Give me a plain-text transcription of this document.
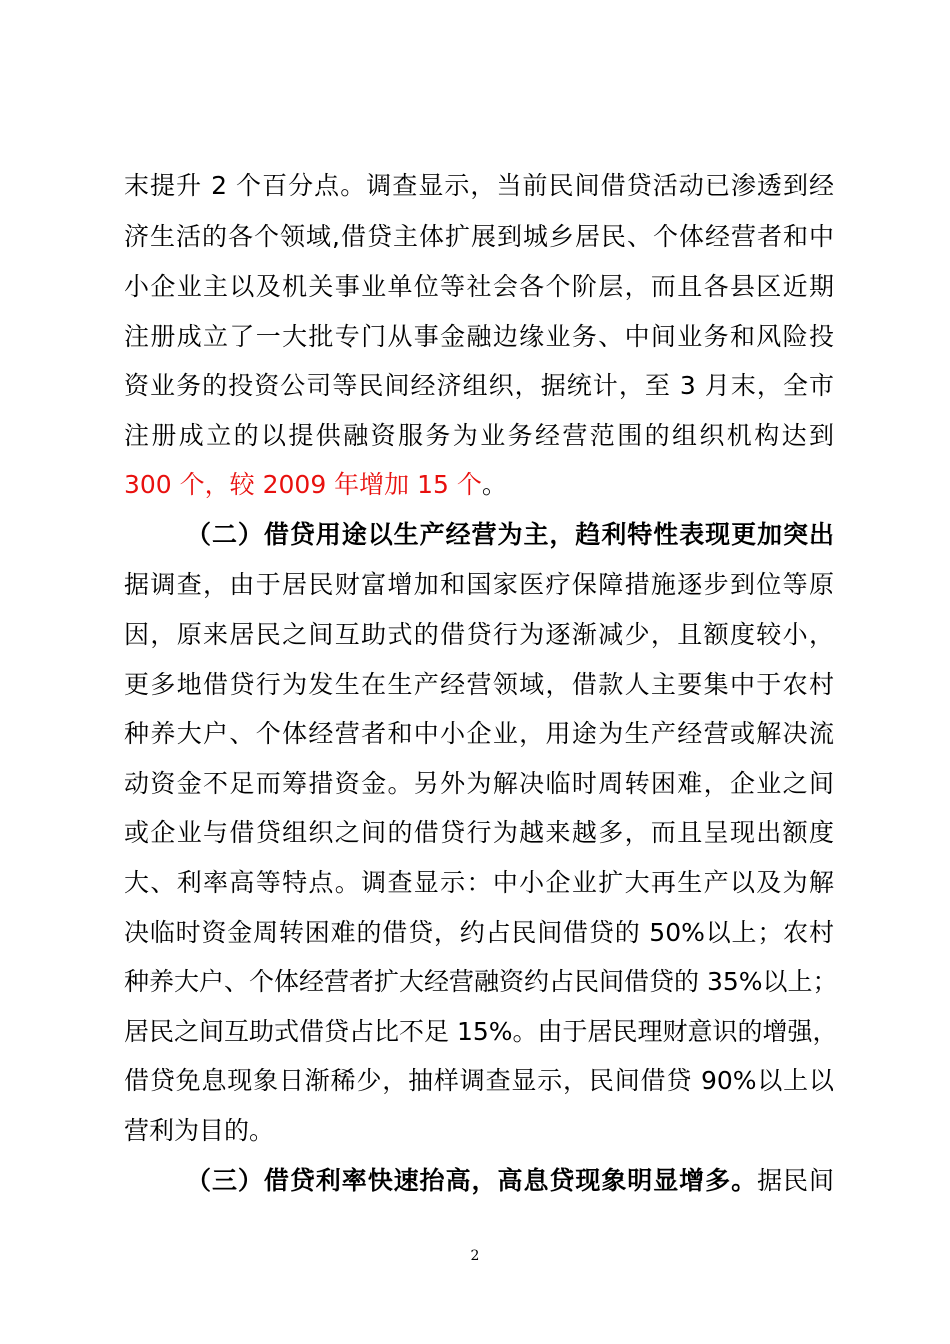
末提升 2 个百分点。调查显示，当前民间借贷活动已渗透到经
济生活的各个领域,借贷主体扩展到城乡居民、个体经营者和中
小企业主以及机关事业单位等社会各个阶层，而且各县区近期
注册成立了一大批专门从事金融边缘业务、中间业务和风险投
资业务的投资公司等民间经济组织，据统计，至 3 月末，全市
注册成立的以提供融资服务为业务经营范围的组织机构达到
300 个，较 2009 年增加 15 个。
（二）借贷用途以生产经营为主，趋利特性表现更加突出
据调查，由于居民财富增加和国家医疗保障措施逐步到位等原
因，原来居民之间互助式的借贷行为逐渐减少，且额度较小，
更多地借贷行为发生在生产经营领域，借款人主要集中于农村
种养大户、个体经营者和中小企业，用途为生产经营或解决流
动资金不足而筹措资金。另外为解决临时周转困难，企业之间
或企业与借贷组织之间的借贷行为越来越多，而且呈现出额度
大、利率高等特点。调查显示：中小企业扩大再生产以及为解
决临时资金周转困难的借贷，约占民间借贷的 50%以上；农村
种养大户、个体经营者扩大经营融资约占民间借贷的 35%以上；
居民之间互助式借贷占比不足 15%。由于居民理财意识的增强，
借贷免息现象日渐稀少，抽样调查显示，民间借贷 90%以上以
营利为目的。
（三）借贷利率快速抬高，高息贷现象明显增多。据民间
2
